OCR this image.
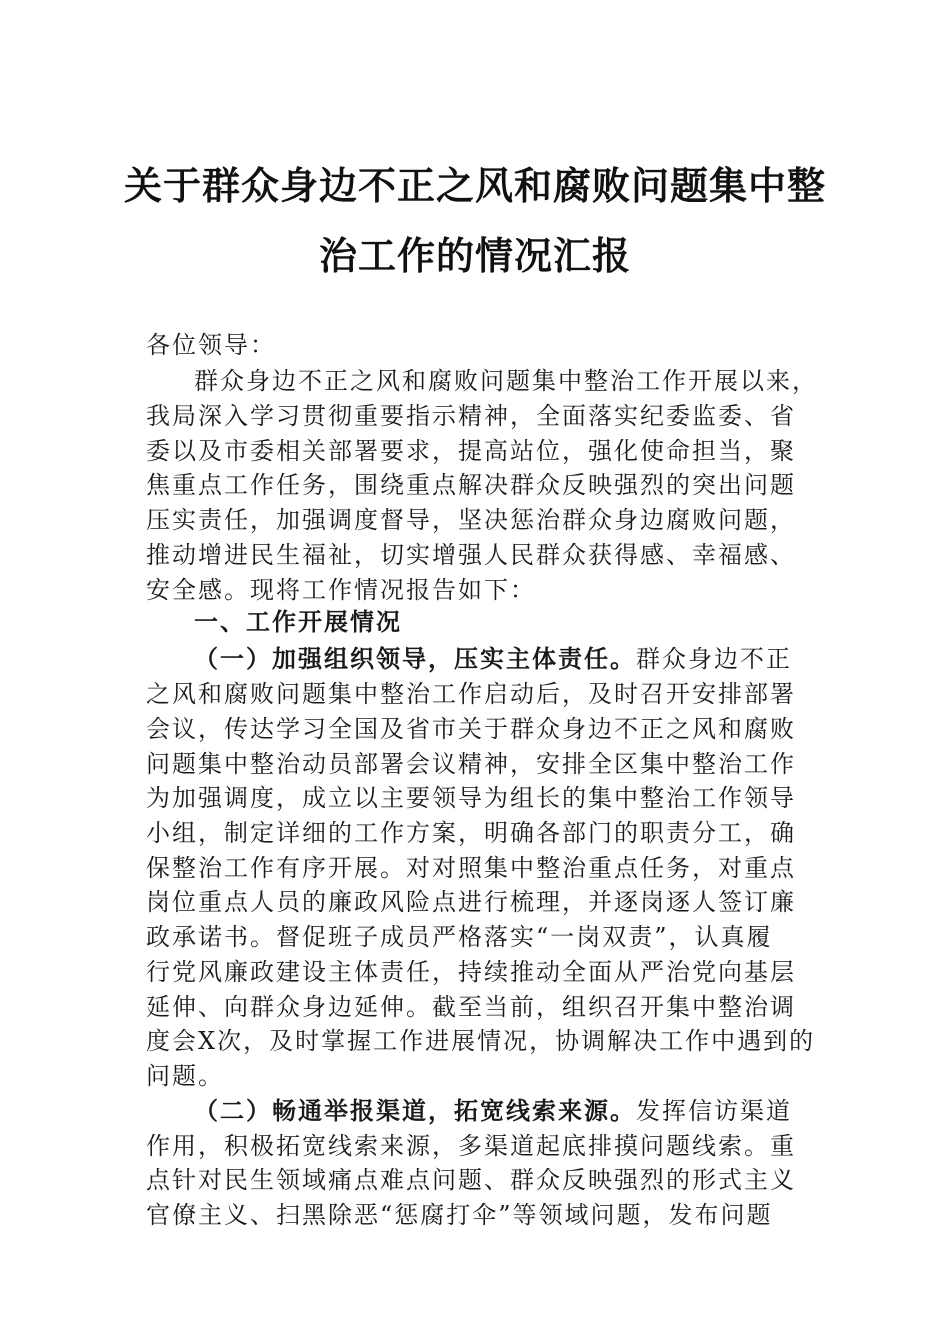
关于群众身边不正之风和腐败问题集中整
治工作的情况汇报
各位领导：
群众身边不正之风和腐败问题集中整治工作开展以来，
我局深入学习贯彻重要指示精神，全面落实纪委监委、省
委以及市委相关部署要求，提高站位，强化使命担当，聚
焦重点工作任务，围绕重点解决群众反映强烈的突出问题
压实责任，加强调度督导，坚决惩治群众身边腐败问题，
推动增进民生福祉，切实增强人民群众获得感、幸福感、
安全感。现将工作情况报告如下：
一、工作开展情况
（一）加强组织领导，压实主体责任。群众身边不正
之风和腐败问题集中整治工作启动后，及时召开安排部署
会议，传达学习全国及省市关于群众身边不正之风和腐败
问题集中整治动员部署会议精神，安排全区集中整治工作
为加强调度，成立以主要领导为组长的集中整治工作领导
小组，制定详细的工作方案，明确各部门的职责分工，确
保整治工作有序开展。对对照集中整治重点任务，对重点
岗位重点人员的廉政风险点进行梳理，并逐岗逐人签订廉
政承诺书。督促班子成员严格落实“一岗双责”，认真履
行党风廉政建设主体责任，持续推动全面从严治党向基层
延伸、向群众身边延伸。截至当前，组织召开集中整治调
度会X次，及时掌握工作进展情况，协调解决工作中遇到的
问题。
（二）畅通举报渠道，拓宽线索来源。发挥信访渠道
作用，积极拓宽线索来源，多渠道起底排摸问题线索。重
点针对民生领域痛点难点问题、群众反映强烈的形式主义
官僚主义、扫黑除恶“惩腐打伞”等领域问题，发布问题
